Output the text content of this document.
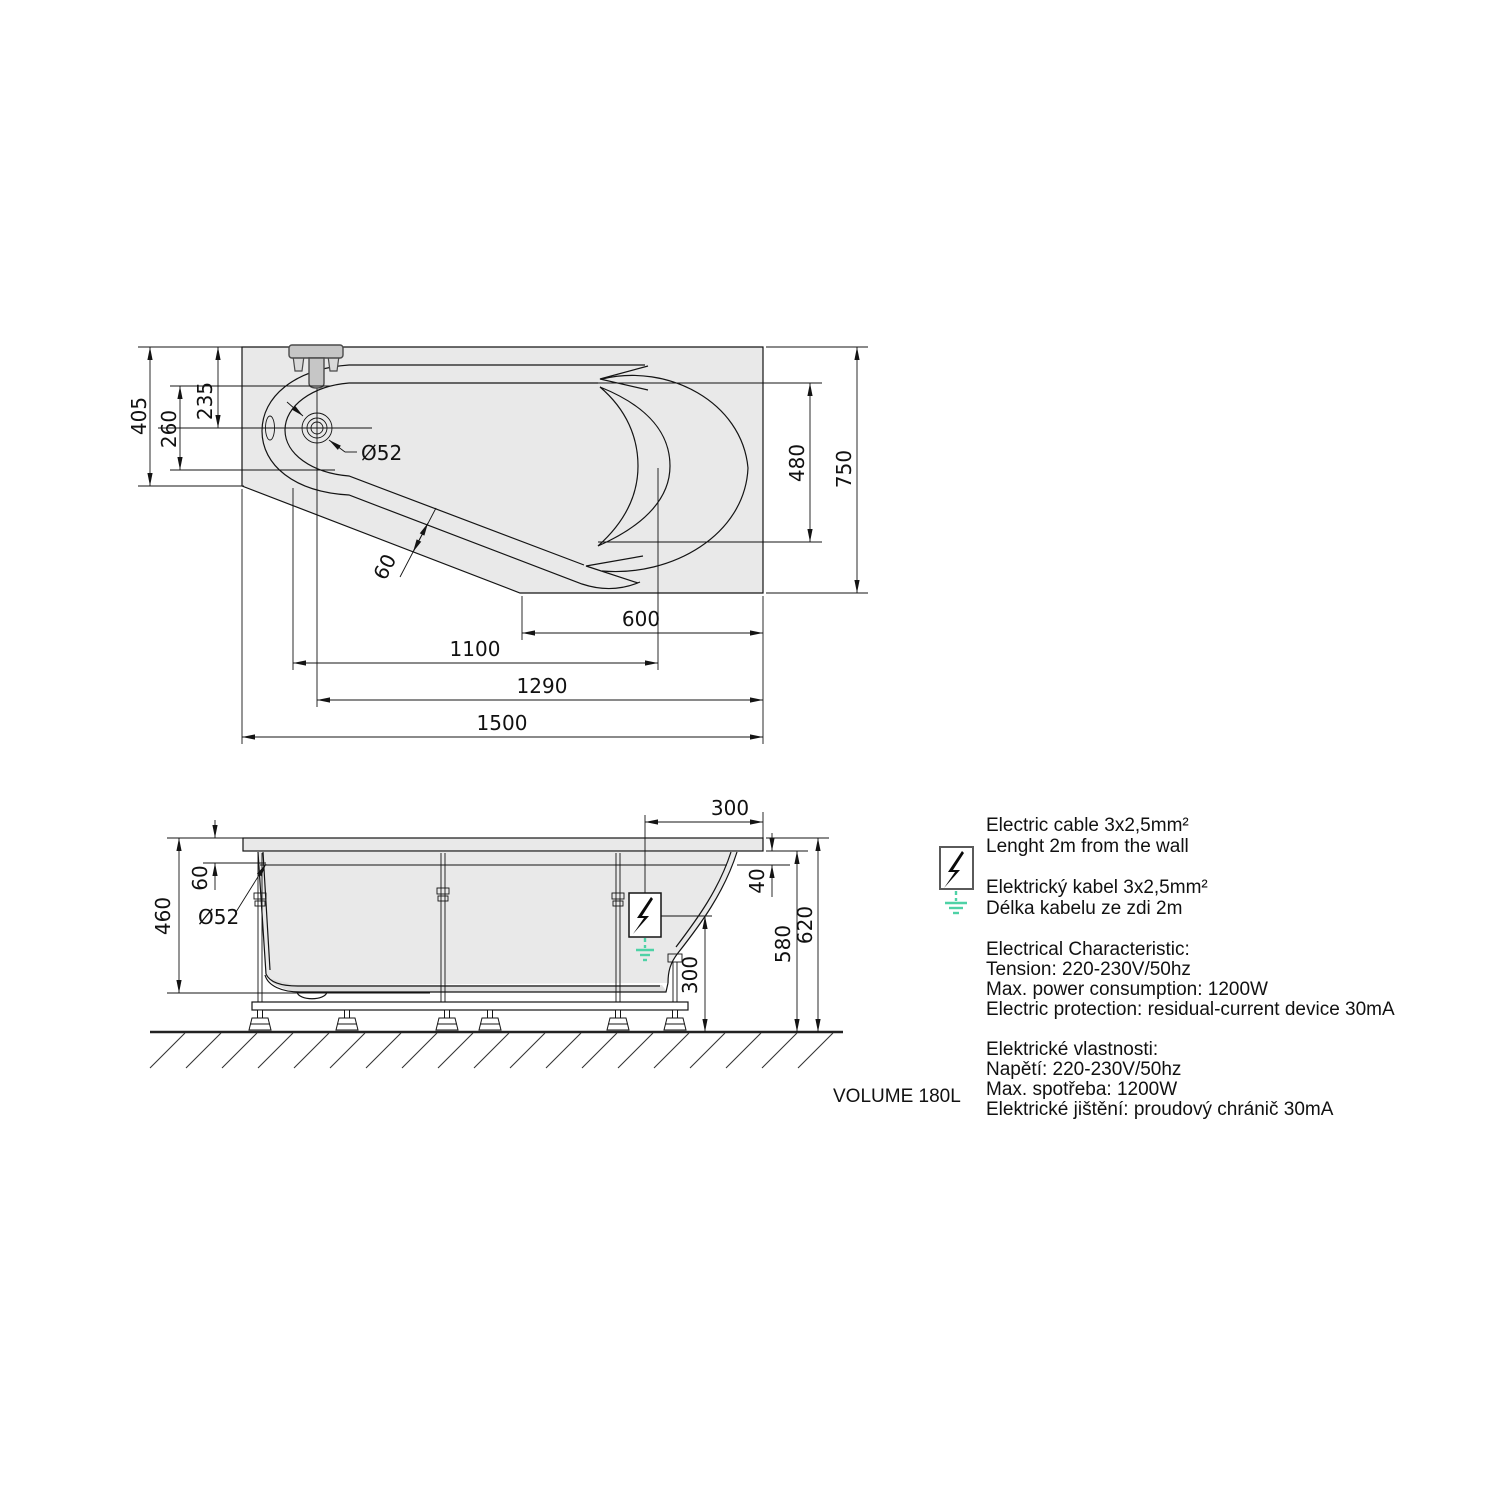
Ø52
405 260
235
480 750
60
600
1100
1290
1500
300
60
460 Ø52
40
580
620
300
Electric cable 3x2,5mm²
Lenght 2m from the wall
Elektrický kabel 3x2,5mm²
Délka kabelu ze zdi 2m
Electrical Characteristic:
Tension: 220-230V/50hz
Max. power consumption: 1200W
Electric protection: residual-current device 30mA
Elektrické vlastnosti:
Napětí: 220-230V/50hz
Max. spotřeba: 1200W
Elektrické jištění: proudový chránič 30mA
VOLUME 180L
